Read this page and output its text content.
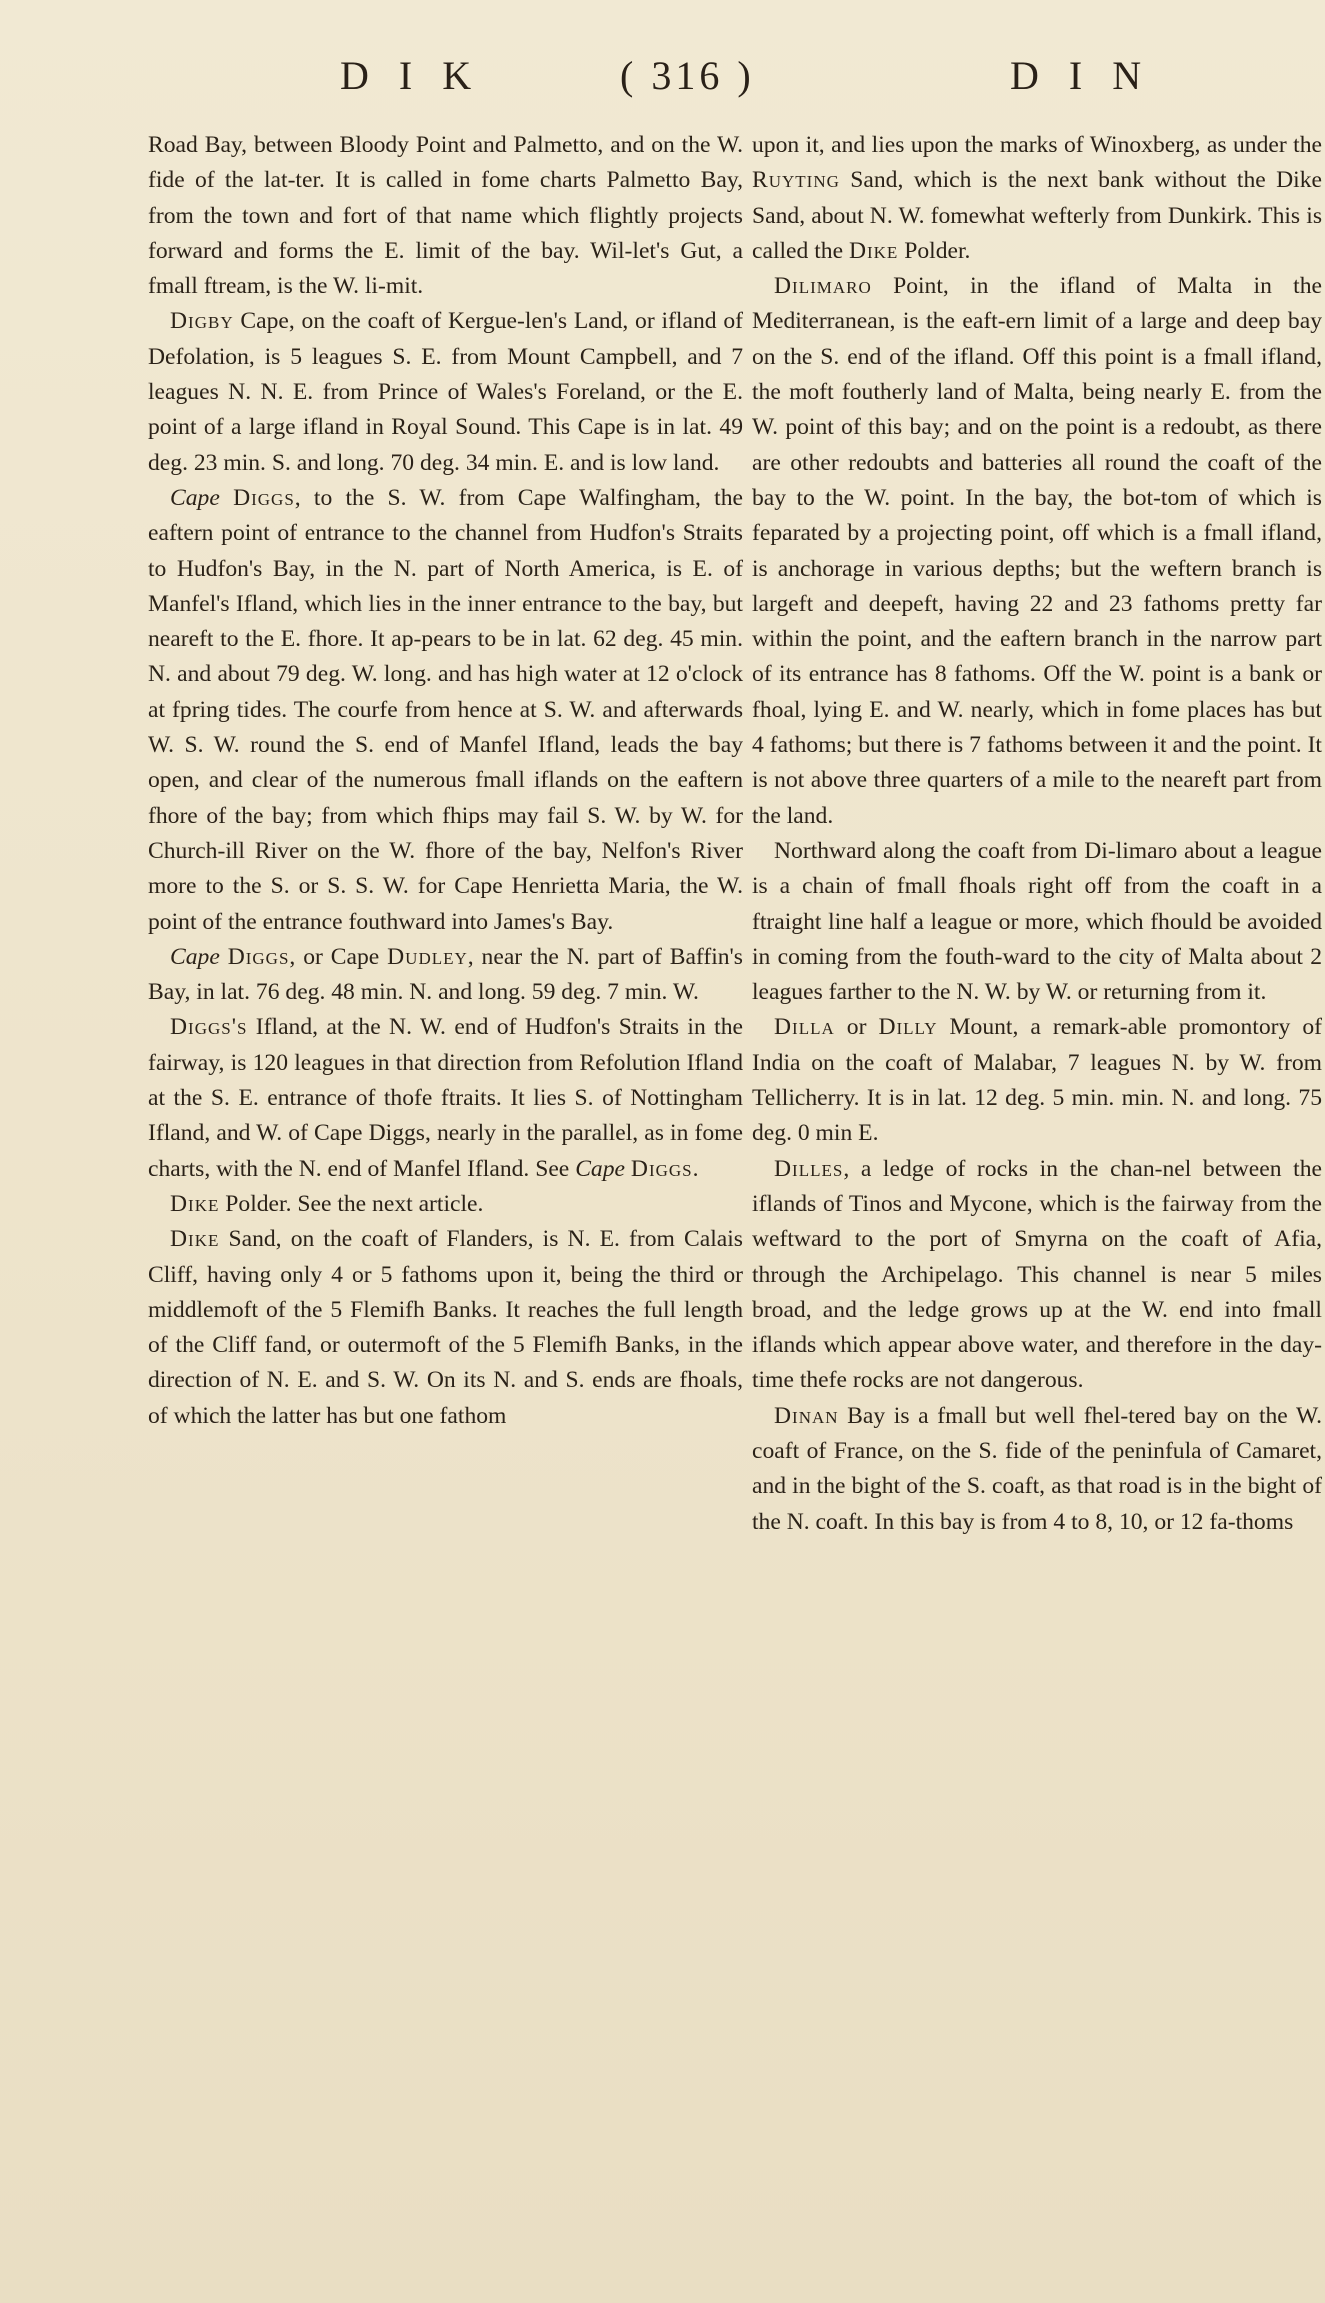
D I K	( 316 )	D I N

Road Bay, between Bloody Point and Palmetto, and on the W. fide of the lat-ter. It is called in fome charts Palmetto Bay, from the town and fort of that name which flightly projects forward and forms the E. limit of the bay. Wil-let's Gut, a fmall ftream, is the W. li-mit.

Digby Cape, on the coaft of Kergue-len's Land, or ifland of Defolation, is 5 leagues S. E. from Mount Campbell, and 7 leagues N. N. E. from Prince of Wales's Foreland, or the E. point of a large ifland in Royal Sound. This Cape is in lat. 49 deg. 23 min. S. and long. 70 deg. 34 min. E. and is low land.

Cape Diggs, to the S. W. from Cape Walfingham, the eaftern point of entrance to the channel from Hudfon's Straits to Hudfon's Bay, in the N. part of North America, is E. of Manfel's Ifland, which lies in the inner entrance to the bay, but neareft to the E. fhore. It ap-pears to be in lat. 62 deg. 45 min. N. and about 79 deg. W. long. and has high water at 12 o'clock at fpring tides. The courfe from hence at S. W. and afterwards W. S. W. round the S. end of Manfel Ifland, leads the bay open, and clear of the numerous fmall iflands on the eaftern fhore of the bay; from which fhips may fail S. W. by W. for Church-ill River on the W. fhore of the bay, Nelfon's River more to the S. or S. S. W. for Cape Henrietta Maria, the W. point of the entrance fouthward into James's Bay.

Cape Diggs, or Cape Dudley, near the N. part of Baffin's Bay, in lat. 76 deg. 48 min. N. and long. 59 deg. 7 min. W.

Diggs's Ifland, at the N. W. end of Hudfon's Straits in the fairway, is 120 leagues in that direction from Refolution Ifland at the S. E. entrance of thofe ftraits. It lies S. of Nottingham Ifland, and W. of Cape Diggs, nearly in the parallel, as in fome charts, with the N. end of Manfel Ifland. See Cape Diggs.

Dike Polder. See the next article.

Dike Sand, on the coaft of Flanders, is N. E. from Calais Cliff, having only 4 or 5 fathoms upon it, being the third or middlemoft of the 5 Flemifh Banks. It reaches the full length of the Cliff fand, or outermoft of the 5 Flemifh Banks, in the direction of N. E. and S. W. On its N. and S. ends are fhoals, of which the latter has but one fathom

upon it, and lies upon the marks of Winoxberg, as under the Ruyting Sand, which is the next bank without the Dike Sand, about N. W. fomewhat wefterly from Dunkirk. This is called the Dike Polder.

Dilimaro Point, in the ifland of Malta in the Mediterranean, is the eaft-ern limit of a large and deep bay on the S. end of the ifland. Off this point is a fmall ifland, the moft foutherly land of Malta, being nearly E. from the W. point of this bay; and on the point is a redoubt, as there are other redoubts and batteries all round the coaft of the bay to the W. point. In the bay, the bot-tom of which is feparated by a projecting point, off which is a fmall ifland, is anchorage in various depths; but the weftern branch is largeft and deepeft, having 22 and 23 fathoms pretty far within the point, and the eaftern branch in the narrow part of its entrance has 8 fathoms. Off the W. point is a bank or fhoal, lying E. and W. nearly, which in fome places has but 4 fathoms; but there is 7 fathoms between it and the point. It is not above three quarters of a mile to the neareft part from the land.

Northward along the coaft from Di-limaro about a league is a chain of fmall fhoals right off from the coaft in a ftraight line half a league or more, which fhould be avoided in coming from the fouth-ward to the city of Malta about 2 leagues farther to the N. W. by W. or returning from it.

Dilla or Dilly Mount, a remark-able promontory of India on the coaft of Malabar, 7 leagues N. by W. from Tellicherry. It is in lat. 12 deg. 5 min. min. N. and long. 75 deg. 0 min E.

Dilles, a ledge of rocks in the chan-nel between the iflands of Tinos and Mycone, which is the fairway from the weftward to the port of Smyrna on the coaft of Afia, through the Archipelago. This channel is near 5 miles broad, and the ledge grows up at the W. end into fmall iflands which appear above water, and therefore in the day-time thefe rocks are not dangerous.

Dinan Bay is a fmall but well fhel-tered bay on the W. coaft of France, on the S. fide of the peninfula of Camaret, and in the bight of the S. coaft, as that road is in the bight of the N. coaft. In this bay is from 4 to 8, 10, or 12 fa-thoms
